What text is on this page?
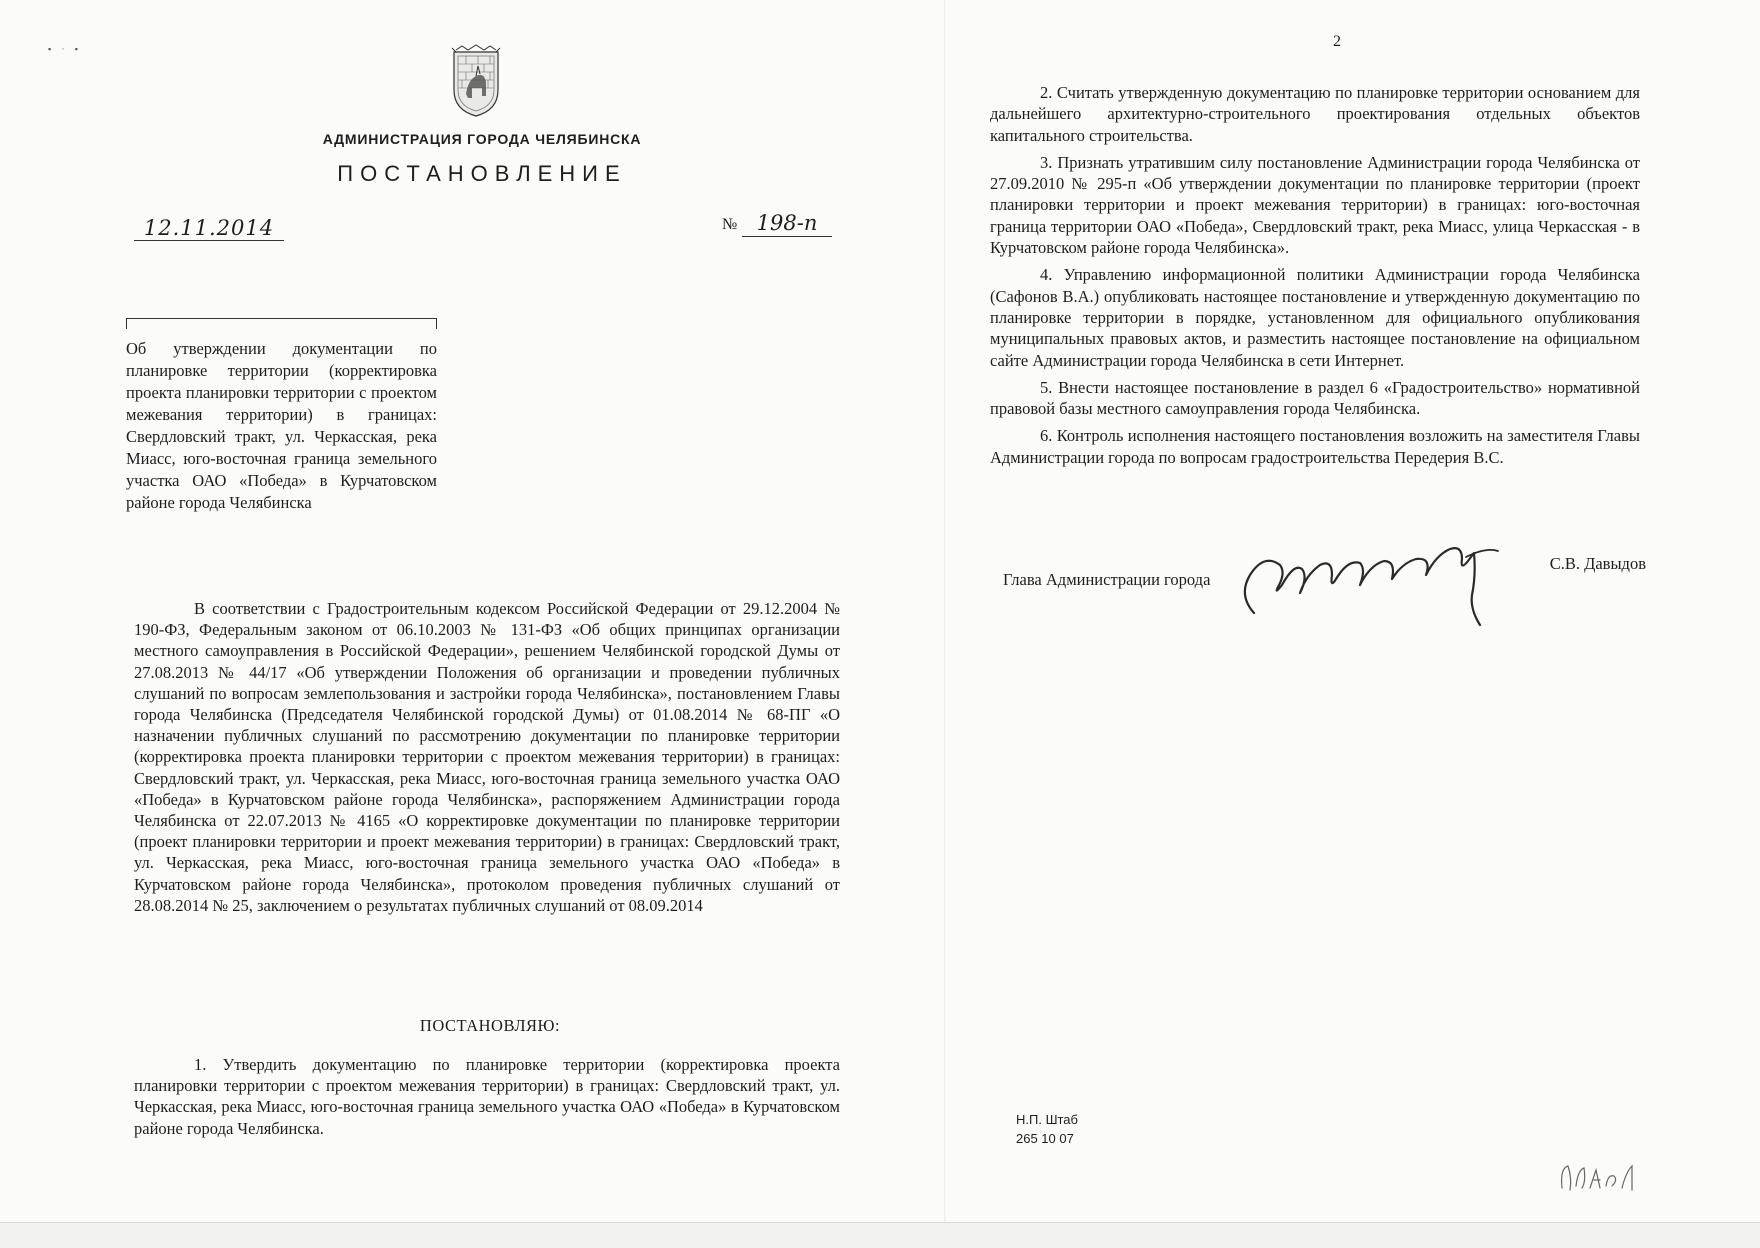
▪ · ▪
АДМИНИСТРАЦИЯ ГОРОДА ЧЕЛЯБИНСКА
ПОСТАНОВЛЕНИЕ
12.11.2014	№ 198-п
Об утверждении документации по планировке территории (корректировка проекта планировки территории с проектом межевания территории) в границах: Свердловский тракт, ул. Черкасская, река Миасс, юго-восточная граница земельного участка ОАО «Победа» в Курчатовском районе города Челябинска
В соответствии с Градостроительным кодексом Российской Федерации от 29.12.2004 № 190-ФЗ, Федеральным законом от 06.10.2003 № 131-ФЗ «Об общих принципах организации местного самоуправления в Российской Федерации», решением Челябинской городской Думы от 27.08.2013 № 44/17 «Об утверждении Положения об организации и проведении публичных слушаний по вопросам землепользования и застройки города Челябинска», постановлением Главы города Челябинска (Председателя Челябинской городской Думы) от 01.08.2014 № 68-ПГ «О назначении публичных слушаний по рассмотрению документации по планировке территории (корректировка проекта планировки территории с проектом межевания территории) в границах: Свердловский тракт, ул. Черкасская, река Миасс, юго-восточная граница земельного участка ОАО «Победа» в Курчатовском районе города Челябинска», распоряжением Администрации города Челябинска от 22.07.2013 № 4165 «О корректировке документации по планировке территории (проект планировки территории и проект межевания территории) в границах: Свердловский тракт, ул. Черкасская, река Миасс, юго-восточная граница земельного участка ОАО «Победа» в Курчатовском районе города Челябинска», протоколом проведения публичных слушаний от 28.08.2014 № 25, заключением о результатах публичных слушаний от 08.09.2014
ПОСТАНОВЛЯЮ:
1. Утвердить документацию по планировке территории (корректировка проекта планировки территории с проектом межевания территории) в границах: Свердловский тракт, ул. Черкасская, река Миасс, юго-восточная граница земельного участка ОАО «Победа» в Курчатовском районе города Челябинска.
2

2. Считать утвержденную документацию по планировке территории основанием для дальнейшего архитектурно-строительного проектирования отдельных объектов капитального строительства.

3. Признать утратившим силу постановление Администрации города Челябинска от 27.09.2010 № 295-п «Об утверждении документации по планировке территории (проект планировки территории и проект межевания территории) в границах: юго-восточная граница территории ОАО «Победа», Свердловский тракт, река Миасс, улица Черкасская - в Курчатовском районе города Челябинска».

4. Управлению информационной политики Администрации города Челябинска (Сафонов В.А.) опубликовать настоящее постановление и утвержденную документацию по планировке территории в порядке, установленном для официального опубликования муниципальных правовых актов, и разместить настоящее постановление на официальном сайте Администрации города Челябинска в сети Интернет.

5. Внести настоящее постановление в раздел 6 «Градостроительство» нормативной правовой базы местного самоуправления города Челябинска.

6. Контроль исполнения настоящего постановления возложить на заместителя Главы Администрации города по вопросам градостроительства Передерия В.С.

Глава Администрации города
С.В. Давыдов
Н.П. Штаб
265 10 07
